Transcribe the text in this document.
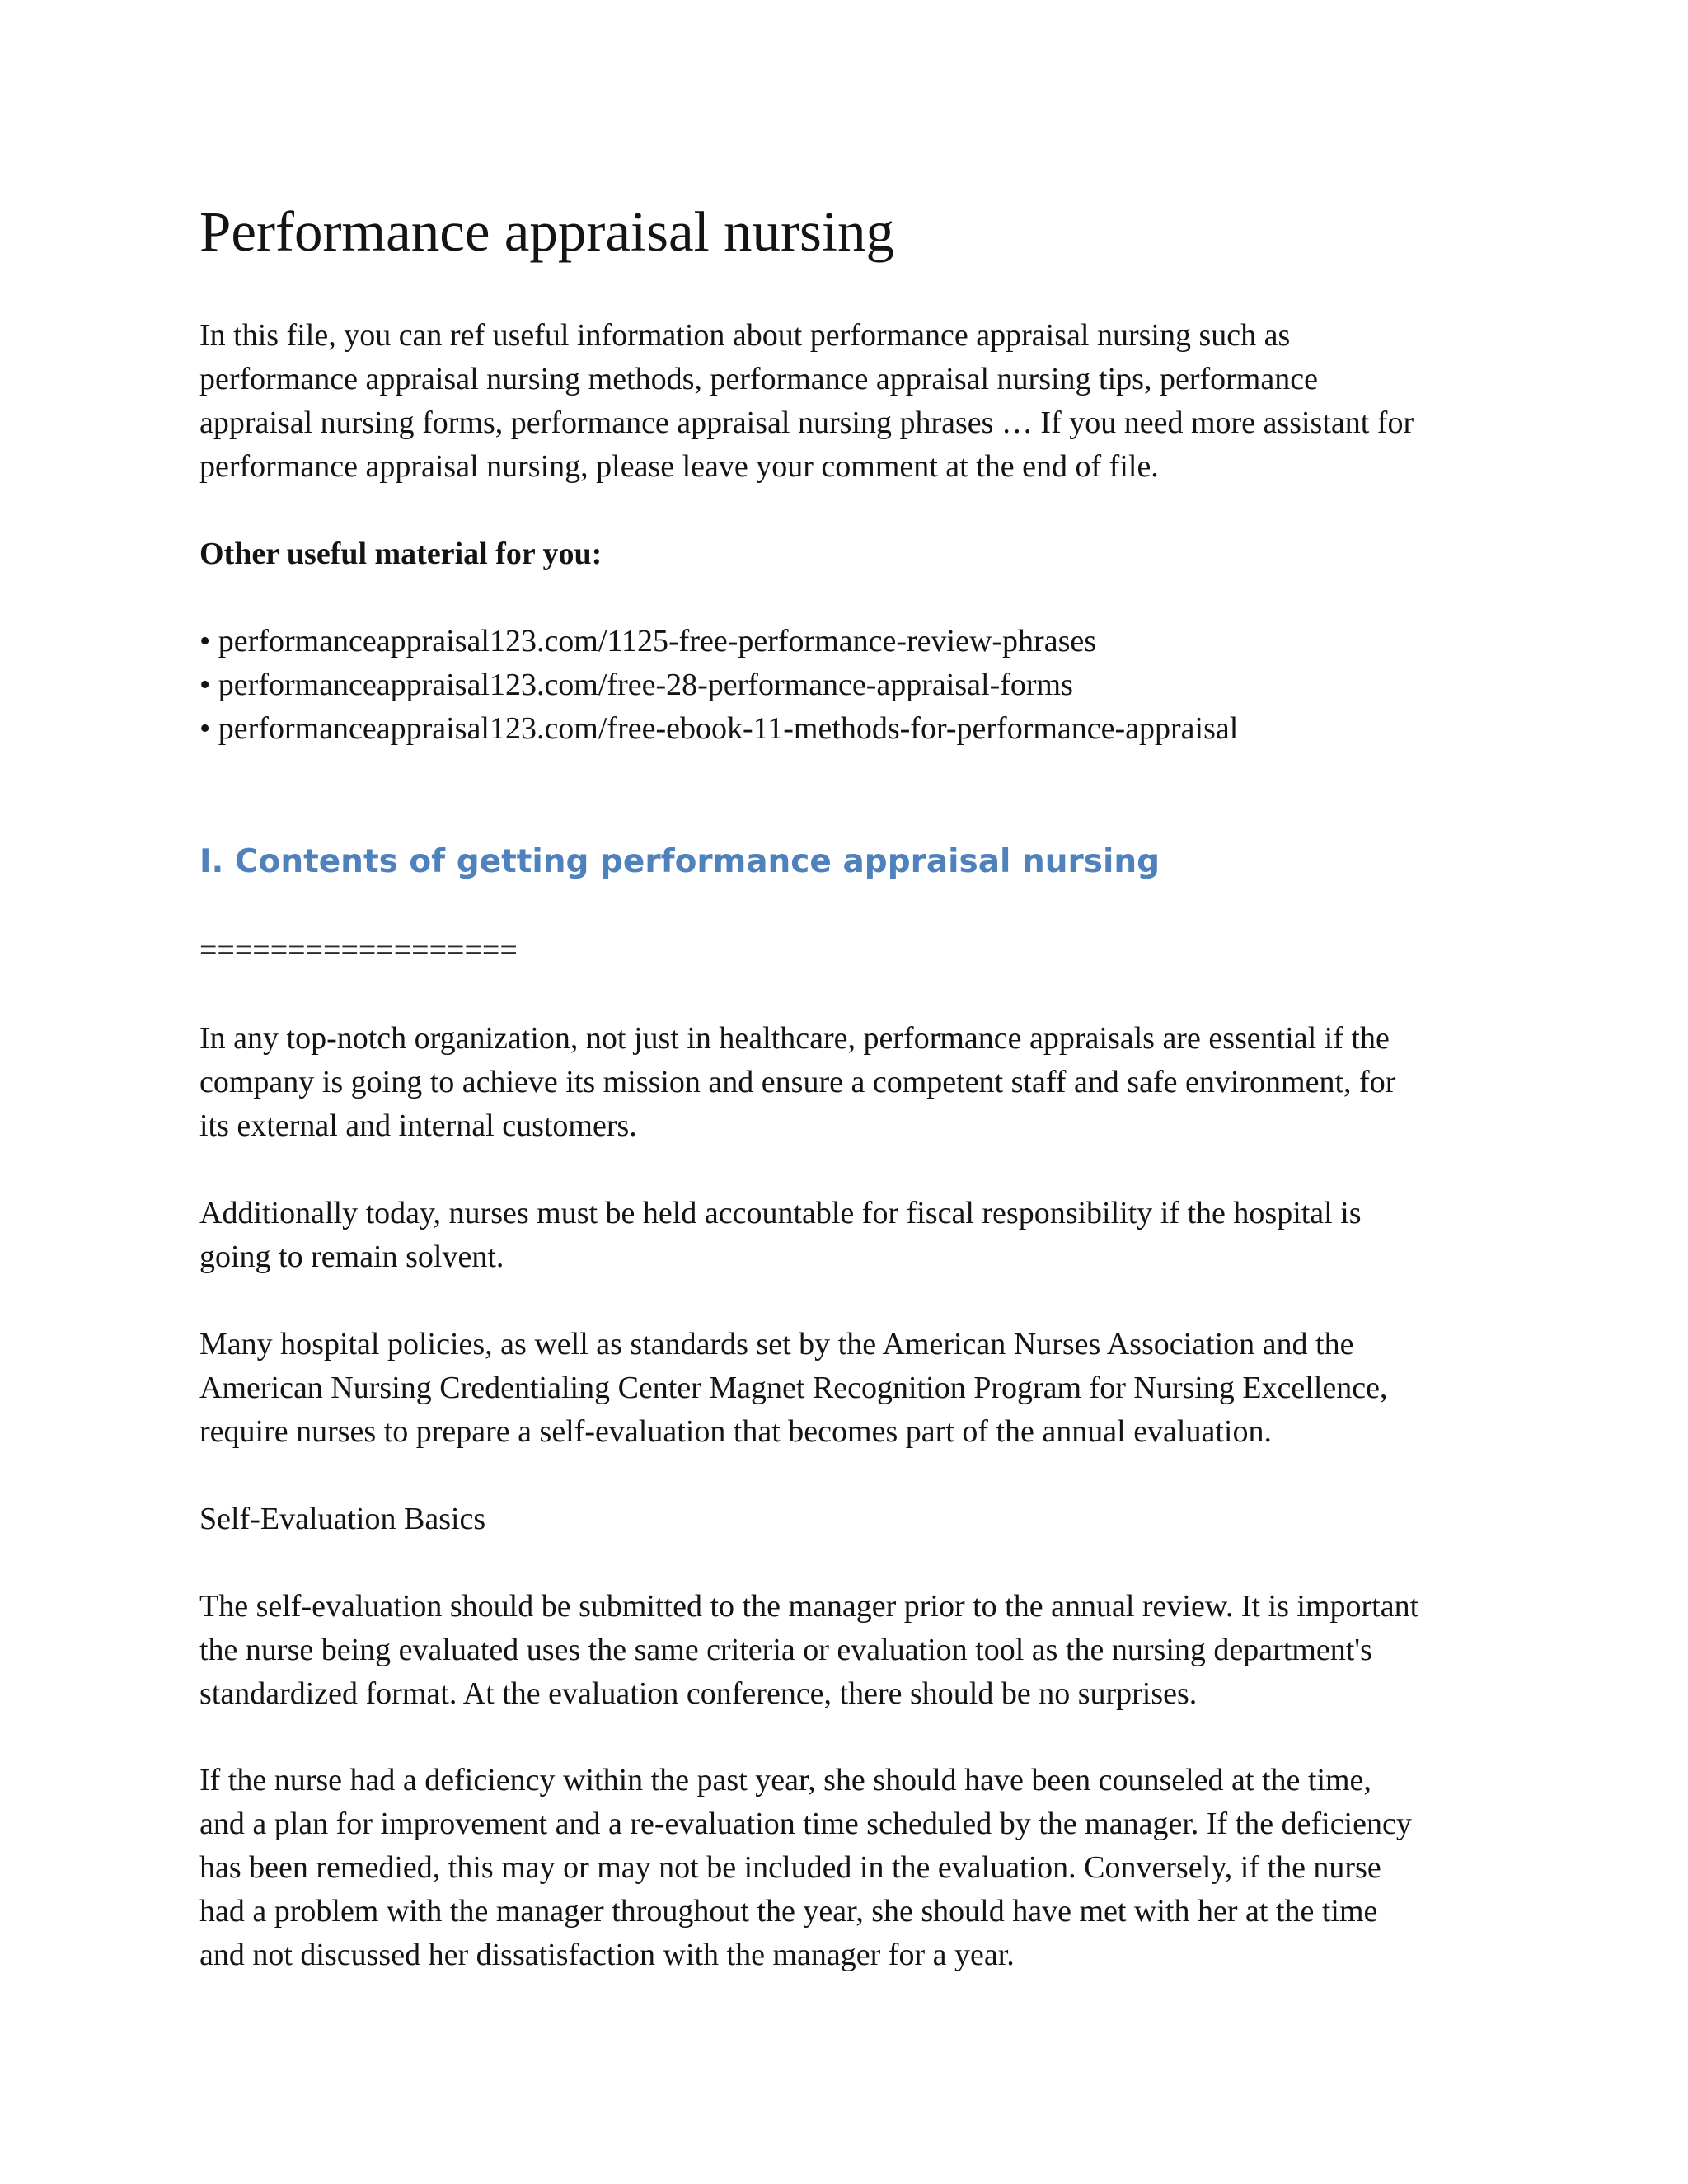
Performance appraisal nursing

In this file, you can ref useful information about performance appraisal nursing such as
performance appraisal nursing methods, performance appraisal nursing tips, performance
appraisal nursing forms, performance appraisal nursing phrases … If you need more assistant for
performance appraisal nursing, please leave your comment at the end of file.

Other useful material for you:

• performanceappraisal123.com/1125-free-performance-review-phrases
• performanceappraisal123.com/free-28-performance-appraisal-forms
• performanceappraisal123.com/free-ebook-11-methods-for-performance-appraisal
I. Contents of getting performance appraisal nursing

==================

In any top-notch organization, not just in healthcare, performance appraisals are essential if the
company is going to achieve its mission and ensure a competent staff and safe environment, for
its external and internal customers.

Additionally today, nurses must be held accountable for fiscal responsibility if the hospital is
going to remain solvent.

Many hospital policies, as well as standards set by the American Nurses Association and the
American Nursing Credentialing Center Magnet Recognition Program for Nursing Excellence,
require nurses to prepare a self-evaluation that becomes part of the annual evaluation.

Self-Evaluation Basics

The self-evaluation should be submitted to the manager prior to the annual review. It is important
the nurse being evaluated uses the same criteria or evaluation tool as the nursing department's
standardized format. At the evaluation conference, there should be no surprises.

If the nurse had a deficiency within the past year, she should have been counseled at the time,
and a plan for improvement and a re-evaluation time scheduled by the manager. If the deficiency
has been remedied, this may or may not be included in the evaluation. Conversely, if the nurse
had a problem with the manager throughout the year, she should have met with her at the time
and not discussed her dissatisfaction with the manager for a year.
